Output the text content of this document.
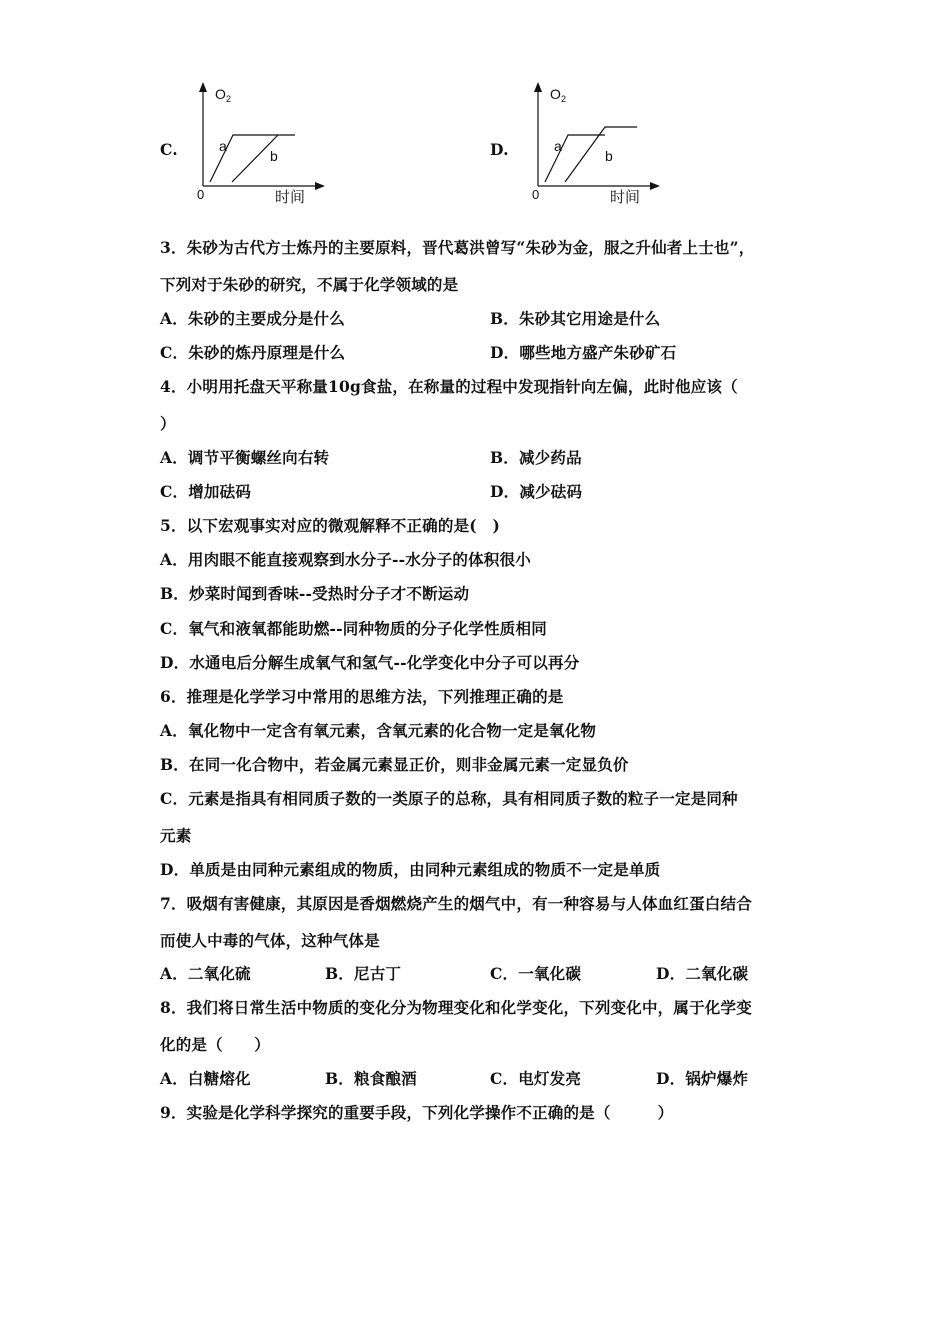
C.
O 2
0	时间
a
b	D.
O 2
0	时间
a
b
3．朱砂为古代方士炼丹的主要原料，晋代葛洪曾写“朱砂为金，服之升仙者上士也”，
下列对于朱砂的研究，不属于化学领域的是
A．朱砂的主要成分是什么	B．朱砂其它用途是什么
C．朱砂的炼丹原理是什么	D．哪些地方盛产朱砂矿石
4．小明用托盘天平称量10g食盐，在称量的过程中发现指针向左偏，此时他应该（
）
A．调节平衡螺丝向右转	B．减少药品
C．增加砝码	D．减少砝码
5．以下宏观事实对应的微观解释不正确的是(　)
A．用肉眼不能直接观察到水分子--水分子的体积很小
B．炒菜时闻到香味--受热时分子才不断运动
C．氧气和液氧都能助燃--同种物质的分子化学性质相同
D．水通电后分解生成氧气和氢气--化学变化中分子可以再分
6．推理是化学学习中常用的思维方法，下列推理正确的是
A．氧化物中一定含有氧元素，含氧元素的化合物一定是氧化物
B．在同一化合物中，若金属元素显正价，则非金属元素一定显负价
C．元素是指具有相同质子数的一类原子的总称，具有相同质子数的粒子一定是同种
元素
D．单质是由同种元素组成的物质，由同种元素组成的物质不一定是单质
7．吸烟有害健康，其原因是香烟燃烧产生的烟气中，有一种容易与人体血红蛋白结合
而使人中毒的气体，这种气体是
A．二氧化硫	B．尼古丁	C．一氧化碳	D．二氧化碳
8．我们将日常生活中物质的变化分为物理变化和化学变化，下列变化中，属于化学变
化的是（　　）
A．白糖熔化	B．粮食酿酒	C．电灯发亮	D．锅炉爆炸
9．实验是化学科学探究的重要手段，下列化学操作不正确的是（　　　）
